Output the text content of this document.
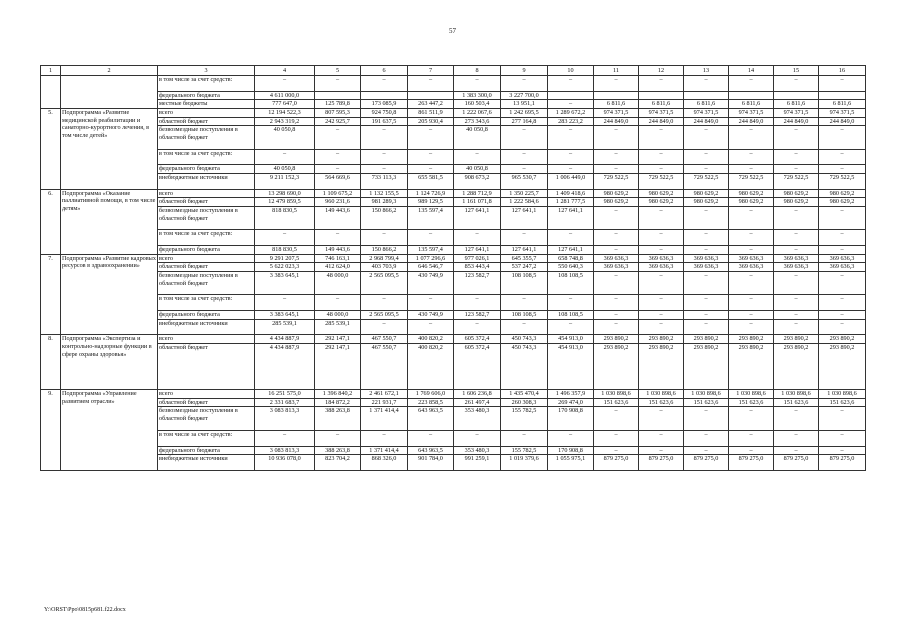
57
1	2	3	4	5	6	7	8	9	10	11	12	13	14	15	16
		в том числе за счет средств:	–	–	–	–	–	–	–	–	–	–	–	–	–
		федерального бюджета	4 611 000,0				1 383 300,0	3 227 700,0							
		местные бюджеты	777 647,0	125 789,8	173 085,9	263 447,2	160 503,4	13 951,1	–	6 811,6	6 811,6	6 811,6	6 811,6	6 811,6	6 811,6
5.	Подпрограмма «Развитие медицинской реабилитации и санаторно-курортного лечения, в том числе детей»	всего	12 194 522,3	807 595,3	924 750,8	861 511,9	1 222 067,6	1 242 695,5	1 289 672,2	974 371,5	974 371,5	974 371,5	974 371,5	974 371,5	974 371,5
		областной бюджет	2 943 319,2	242 925,7	191 637,5	205 930,4	273 343,6	277 164,8	283 223,2	244 849,0	244 849,0	244 849,0	244 849,0	244 849,0	244 849,0
		безвозмездные поступления в областной бюджет	40 050,8	–	–	–	40 050,8	–	–	–	–	–	–	–	–
		в том числе за счет средств:	–	–	–	–	–	–	–	–	–	–	–	–	–
		федерального бюджета	40 050,8	–	–	–	40 050,8	–	–	–	–	–	–	–	–
		внебюджетные источники	9 211 152,3	564 669,6	733 113,3	655 581,5	908 673,2	965 530,7	1 006 449,0	729 522,5	729 522,5	729 522,5	729 522,5	729 522,5	729 522,5
6.	Подпрограмма «Оказание паллиативной помощи, в том числе детям»	всего	13 298 690,0	1 109 675,2	1 132 155,5	1 124 726,9	1 288 712,9	1 350 225,7	1 409 418,6	980 629,2	980 629,2	980 629,2	980 629,2	980 629,2	980 629,2
		областной бюджет	12 479 859,5	960 231,6	981 289,3	989 129,5	1 161 071,8	1 222 584,6	1 281 777,5	980 629,2	980 629,2	980 629,2	980 629,2	980 629,2	980 629,2
		безвозмездные поступления в областной бюджет	818 830,5	149 443,6	150 866,2	135 597,4	127 641,1	127 641,1	127 641,1	–	–	–	–	–	–
		в том числе за счет средств:	–	–	–	–	–	–	–	–	–	–	–	–	–
		федерального бюджета	818 830,5	149 443,6	150 866,2	135 597,4	127 641,1	127 641,1	127 641,1	–	–	–	–	–	–
7.	Подпрограмма «Развитие кадровых ресурсов в здравоохранении»	всего	9 291 207,5	746 163,1	2 968 799,4	1 077 296,6	977 026,1	645 355,7	658 748,8	369 636,3	369 636,3	369 636,3	369 636,3	369 636,3	369 636,3
		областной бюджет	5 622 023,3	412 624,0	403 703,9	646 546,7	853 443,4	537 247,2	550 640,3	369 636,3	369 636,3	369 636,3	369 636,3	369 636,3	369 636,3
		безвозмездные поступления в областной бюджет	3 383 645,1	48 000,0	2 565 095,5	430 749,9	123 582,7	108 108,5	108 108,5	–	–	–	–	–	–
		в том числе за счет средств:	–	–	–	–	–	–	–	–	–	–	–	–	–
		федерального бюджета	3 383 645,1	48 000,0	2 565 095,5	430 749,9	123 582,7	108 108,5	108 108,5	–	–	–	–	–	–
		внебюджетные источники	285 539,1	285 539,1	–	–	–	–	–	–	–	–	–	–	–
8.	Подпрограмма «Экспертиза и контрольно-надзорные функции в сфере охраны здоровья»	всего	4 434 887,9	292 147,1	467 550,7	400 820,2	605 372,4	450 743,3	454 913,0	293 890,2	293 890,2	293 890,2	293 890,2	293 890,2	293 890,2
		областной бюджет	4 434 887,9	292 147,1	467 550,7	400 820,2	605 372,4	450 743,3	454 913,0	293 890,2	293 890,2	293 890,2	293 890,2	293 890,2	293 890,2
9.	Подпрограмма «Управление развитием отрасли»	всего	16 251 575,0	1 396 840,2	2 461 672,1	1 769 606,0	1 606 236,8	1 435 470,4	1 496 357,9	1 030 898,6	1 030 898,6	1 030 898,6	1 030 898,6	1 030 898,6	1 030 898,6
		областной бюджет	2 331 683,7	184 872,2	221 931,7	223 858,5	261 497,4	260 308,3	269 474,0	151 623,6	151 623,6	151 623,6	151 623,6	151 623,6	151 623,6
		безвозмездные поступления в областной бюджет	3 083 813,3	388 263,8	1 371 414,4	643 963,5	353 480,3	155 782,5	170 908,8	–	–	–	–	–	–
		в том числе за счет средств:	–	–	–	–	–	–	–	–	–	–	–	–	–
		федерального бюджета	3 083 813,3	388 263,8	1 371 414,4	643 963,5	353 480,3	155 782,5	170 908,8	–	–	–	–	–	–
		внебюджетные источники	10 936 078,0	823 704,2	868 326,0	901 784,0	991 259,1	1 019 379,6	1 055 975,1	879 275,0	879 275,0	879 275,0	879 275,0	879 275,0	879 275,0
Y:\ORST\Ppo\0815p681.f22.docx
